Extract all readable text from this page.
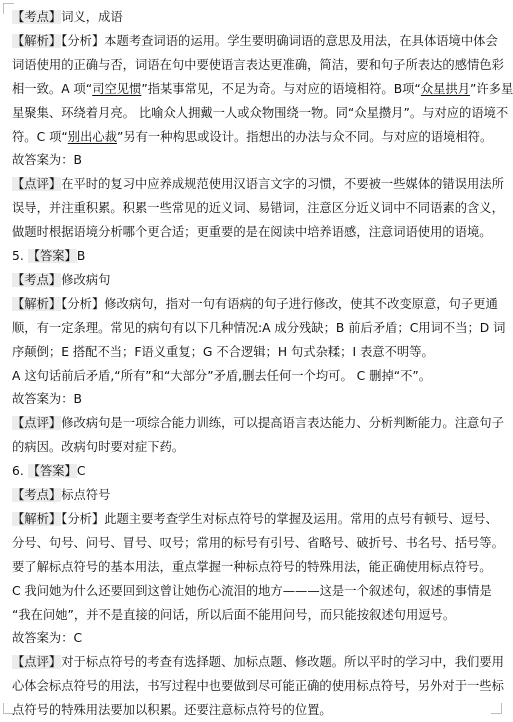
【考点】词义，成语
【解析】【分析】本题考查词语的运用。学生要明确词语的意思及用法，在具体语境中体会
词语使用的正确与否，词语在句中要使语言表达更准确，简洁，要和句子所表达的感情色彩
相一致。A 项“司空见惯”指某事常见，不足为奇。与对应的语境相符。B项“众星拱月”许多星
星聚集、环绕着月亮。 比喻众人拥戴一人或众物围绕一物。同“众星攒月”。与对应的语境不
符。C 项“别出心裁”另有一种构思或设计。指想出的办法与众不同。与对应的语境相符。
故答案为：B
【点评】在平时的复习中应养成规范使用汉语言文字的习惯，不要被一些媒体的错误用法所
误导，并注重积累。积累一些常见的近义词、易错词，注意区分近义词中不同语素的含义，
做题时根据语境分析哪个更合适；更重要的是在阅读中培养语感，注意词语使用的语境。
5. 【答案】B
【考点】修改病句
【解析】【分析】修改病句，指对一句有语病的句子进行修改，使其不改变原意，句子更通
顺，有一定条理。常见的病句有以下几种情况:A 成分残缺；B 前后矛盾；C用词不当；D 词
序颠倒；E 搭配不当；F语义重复；G 不合逻辑；H 句式杂糅；I 表意不明等。
A 这句话前后矛盾,“所有”和“大部分”矛盾,删去任何一个均可。 C 删掉“不”。
故答案为：B
【点评】修改病句是一项综合能力训练，可以提高语言表达能力、分析判断能力。注意句子
的病因。改病句时要对症下药。
6. 【答案】C
【考点】标点符号
【解析】【分析】此题主要考查学生对标点符号的掌握及运用。常用的点号有顿号、逗号、
分号、句号、问号、冒号、叹号；常用的标号有引号、省略号、破折号、书名号、括号等。
要了解标点符号的基本用法，重点掌握一种标点符号的特殊用法，能正确使用标点符号。
C 我问她为什么还要回到这曾让她伤心流泪的地方———这是一个叙述句，叙述的事情是
“我在问她”，并不是直接的问话，所以后面不能用问号，而只能按叙述句用逗号。
故答案为：C
【点评】对于标点符号的考查有选择题、加标点题、修改题。所以平时的学习中，我们要用
心体会标点符号的用法，书写过程中也要做到尽可能正确的使用标点符号，另外对于一些标
点符号的特殊用法要加以积累。还要注意标点符号的位置。
